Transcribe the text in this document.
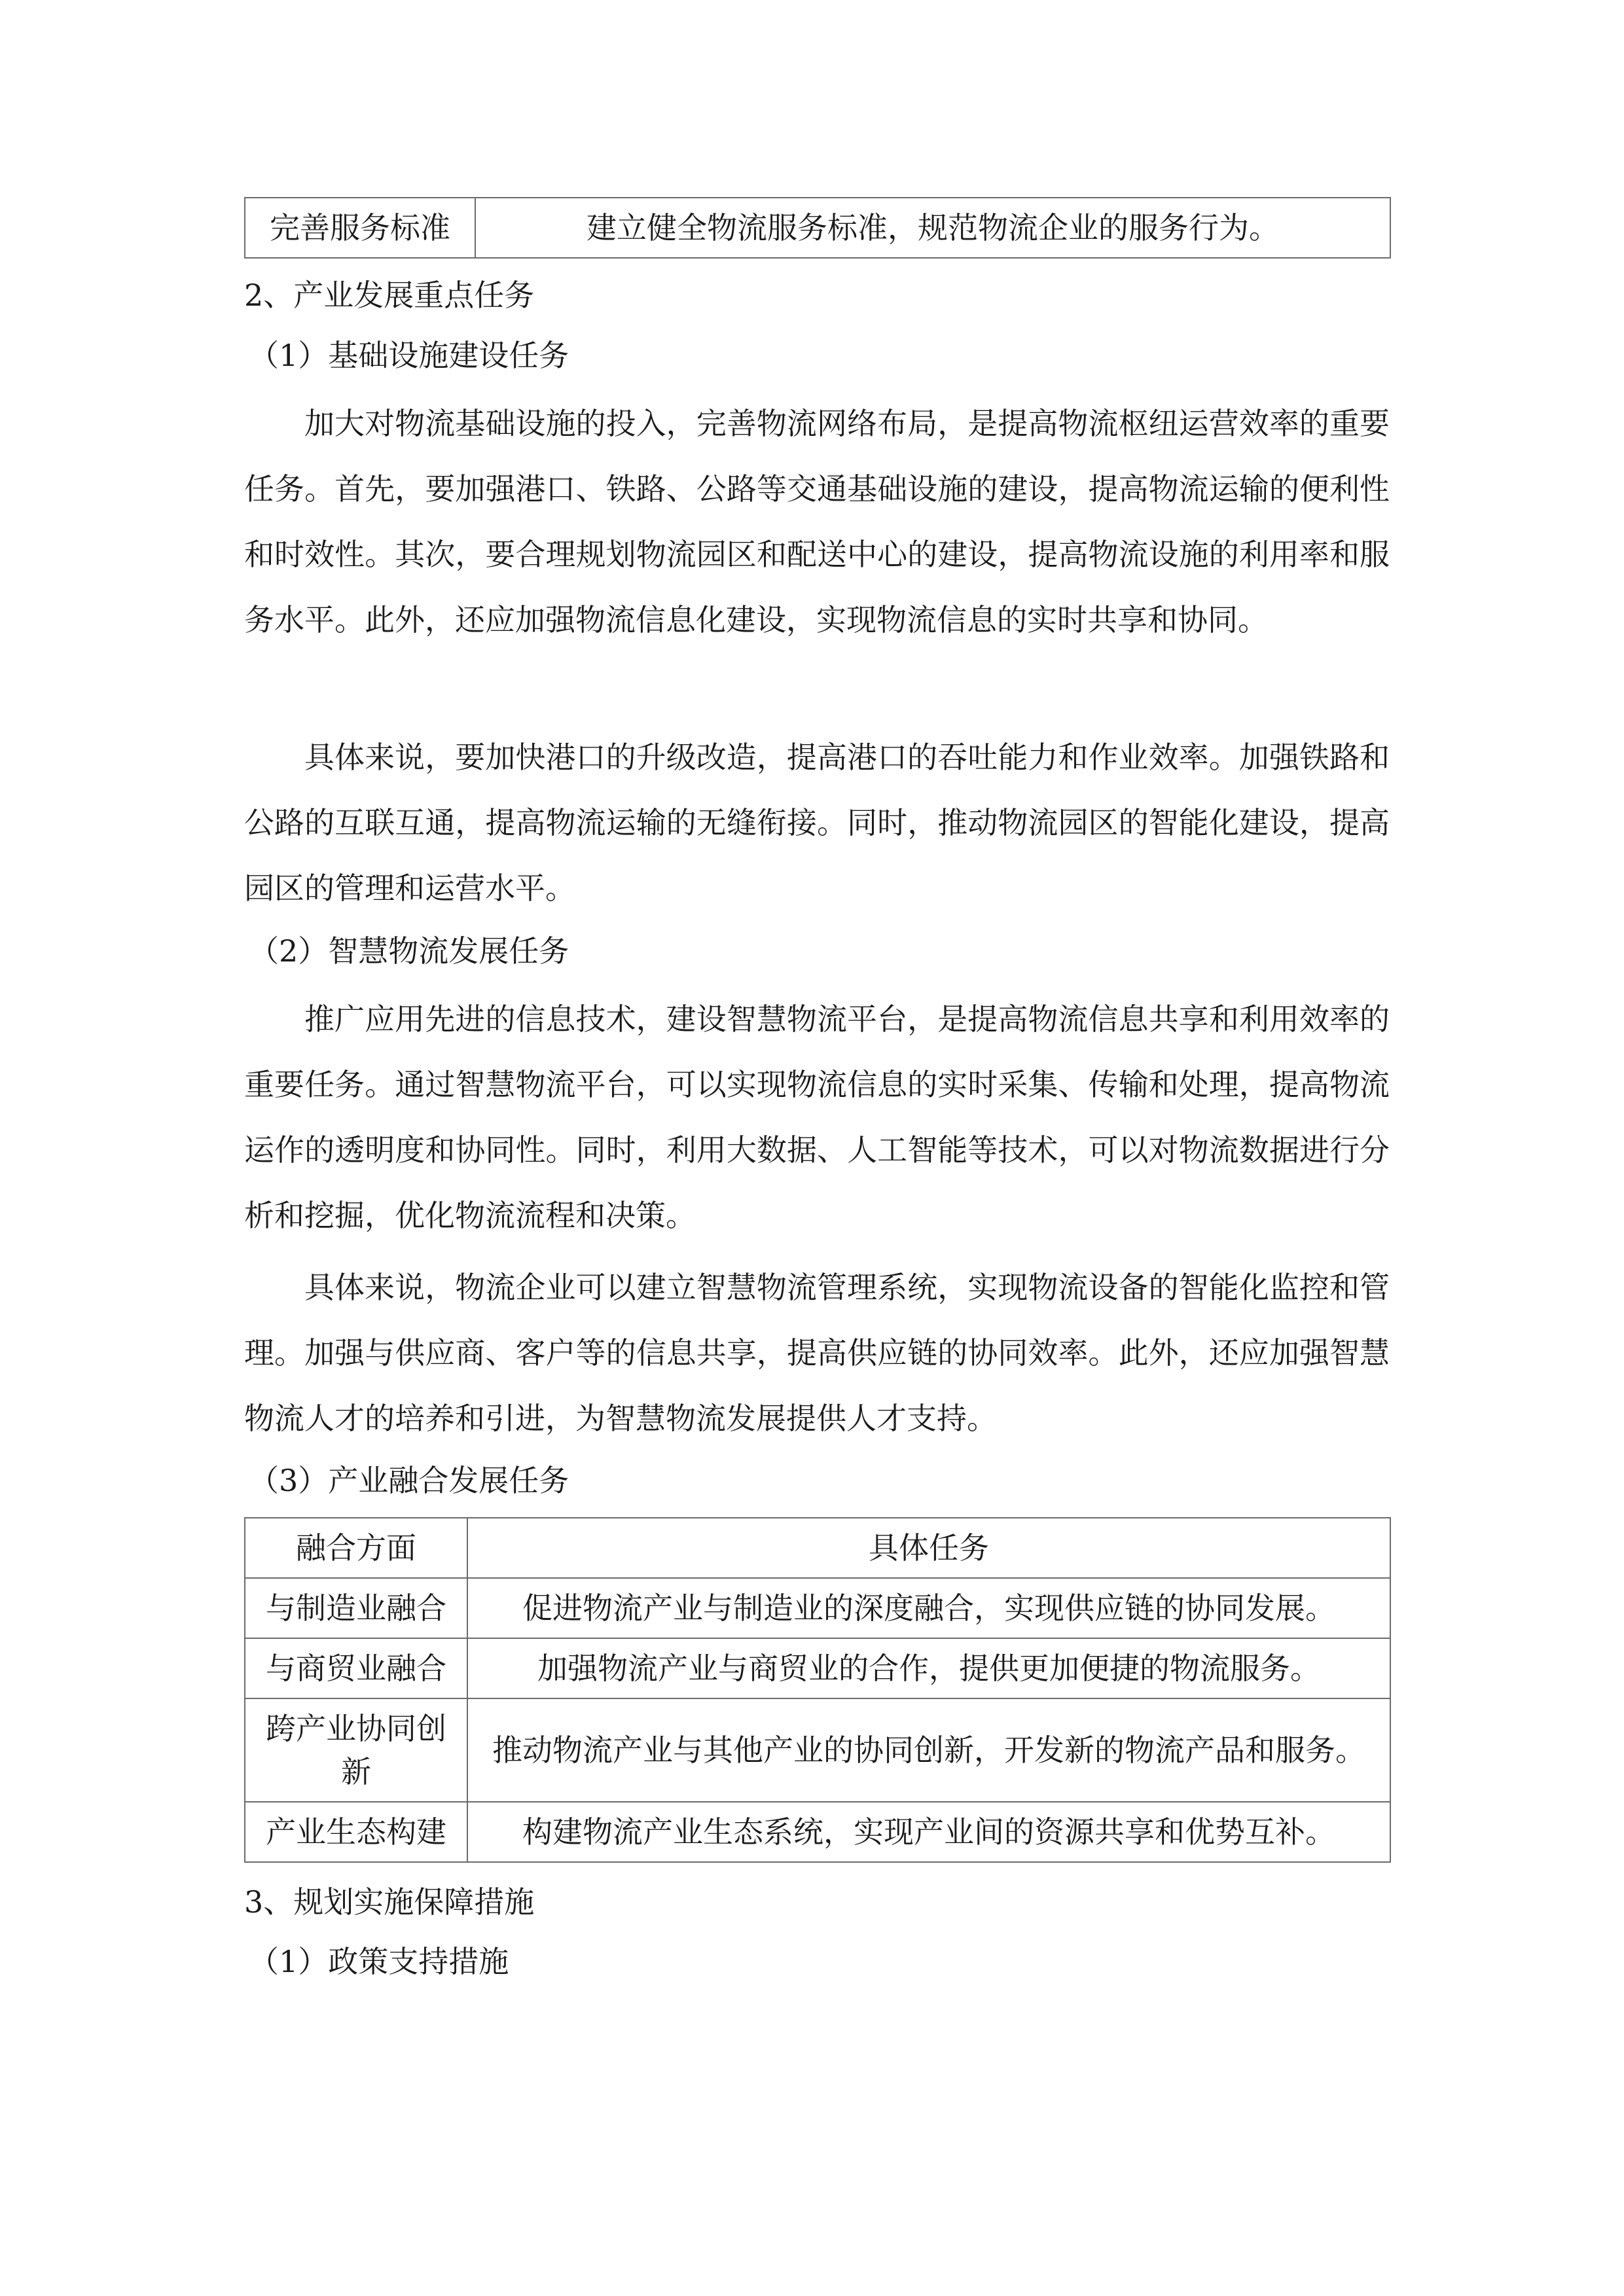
完善服务标准	建立健全物流服务标准，规范物流企业的服务行为。
2、产业发展重点任务
（1）基础设施建设任务

加大对物流基础设施的投入，完善物流网络布局，是提高物流枢纽运营效率的重要任务。首先，要加强港口、铁路、公路等交通基础设施的建设，提高物流运输的便利性和时效性。其次，要合理规划物流园区和配送中心的建设，提高物流设施的利用率和服务水平。此外，还应加强物流信息化建设，实现物流信息的实时共享和协同。

具体来说，要加快港口的升级改造，提高港口的吞吐能力和作业效率。加强铁路和公路的互联互通，提高物流运输的无缝衔接。同时，推动物流园区的智能化建设，提高园区的管理和运营水平。

（2）智慧物流发展任务

推广应用先进的信息技术，建设智慧物流平台，是提高物流信息共享和利用效率的重要任务。通过智慧物流平台，可以实现物流信息的实时采集、传输和处理，提高物流运作的透明度和协同性。同时，利用大数据、人工智能等技术，可以对物流数据进行分析和挖掘，优化物流流程和决策。

具体来说，物流企业可以建立智慧物流管理系统，实现物流设备的智能化监控和管理。加强与供应商、客户等的信息共享，提高供应链的协同效率。此外，还应加强智慧物流人才的培养和引进，为智慧物流发展提供人才支持。

（3）产业融合发展任务
融合方面	具体任务
与制造业融合	促进物流产业与制造业的深度融合，实现供应链的协同发展。
与商贸业融合	加强物流产业与商贸业的合作，提供更加便捷的物流服务。
跨产业协同创新	推动物流产业与其他产业的协同创新，开发新的物流产品和服务。
产业生态构建	构建物流产业生态系统，实现产业间的资源共享和优势互补。
3、规划实施保障措施
（1）政策支持措施
